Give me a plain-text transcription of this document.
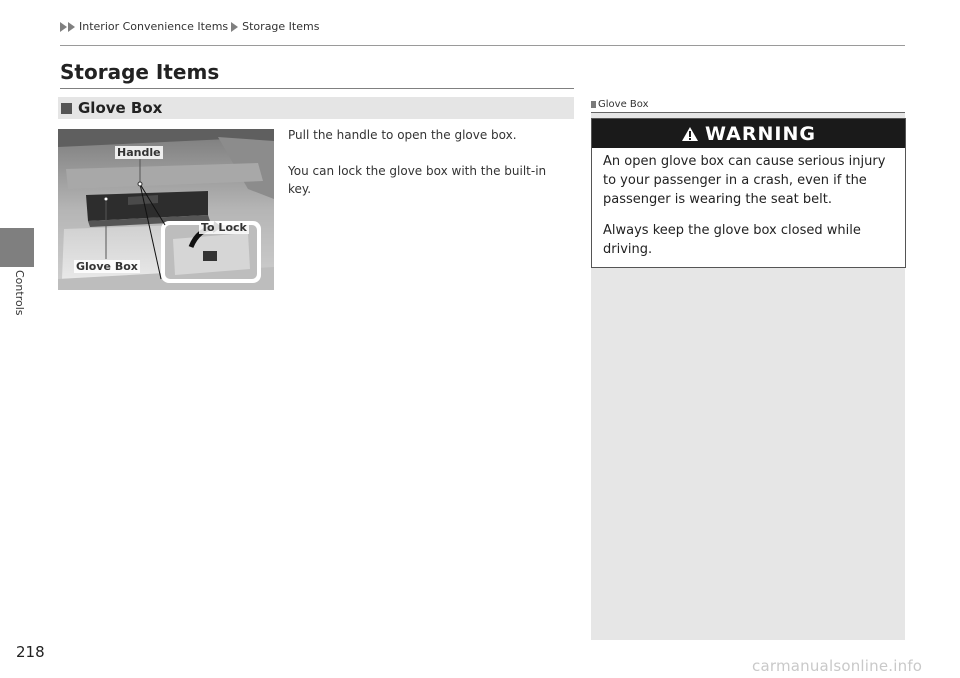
Interior Convenience Items Storage Items
Controls
Storage Items
Glove Box

Pull the handle to open the glove box.

You can lock the glove box with the built-in key.

Handle
To Lock
Glove Box
Glove Box
WARNING

An open glove box can cause serious injury to your passenger in a crash, even if the passenger is wearing the seat belt.

Always keep the glove box closed while driving.

218
carmanualsonline.info
